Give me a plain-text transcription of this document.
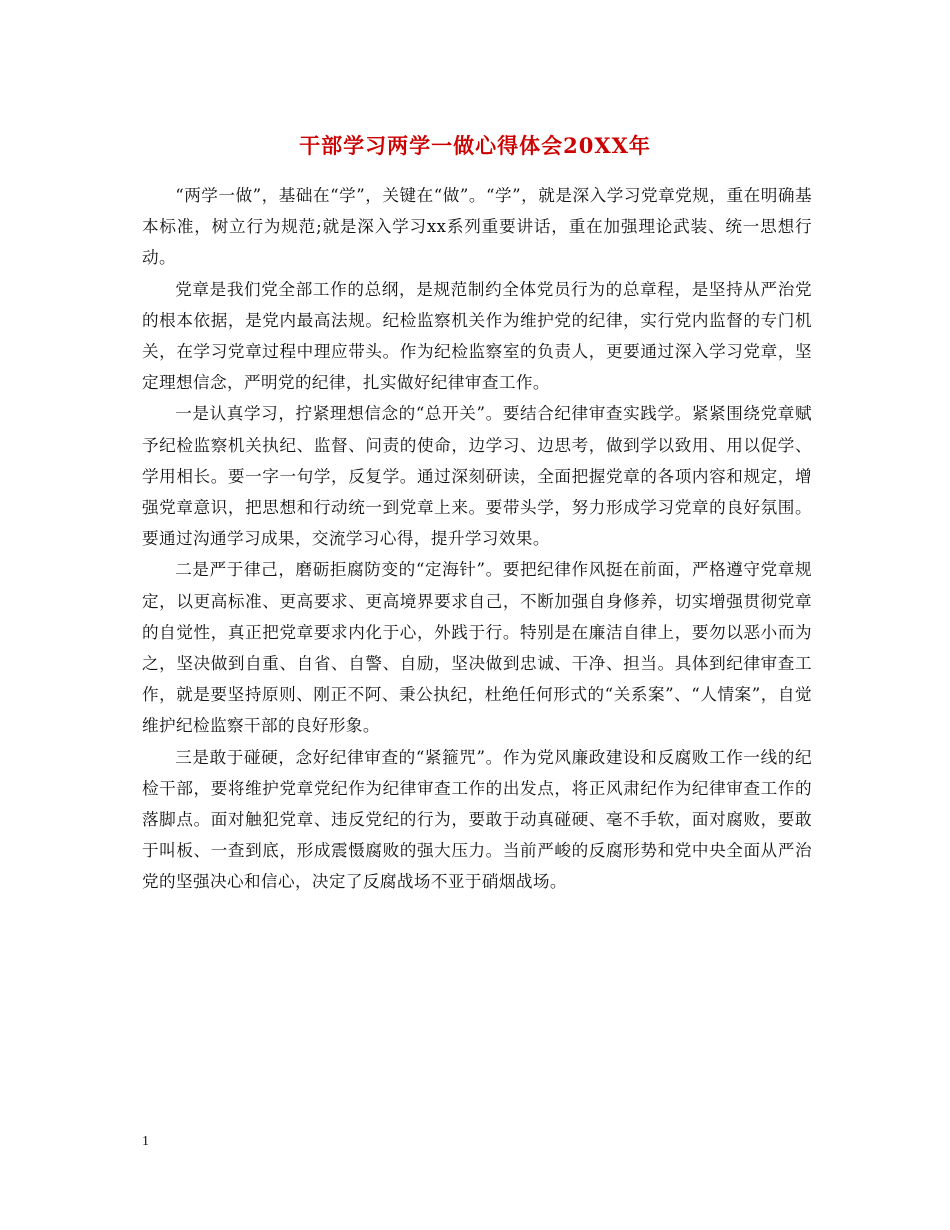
干部学习两学一做心得体会20XX年

“两学一做”，基础在“学”，关键在“做”。“学”，就是深入学习党章党规，重在明确基本标准，树立行为规范;就是深入学习xx系列重要讲话，重在加强理论武装、统一思想行动。

党章是我们党全部工作的总纲，是规范制约全体党员行为的总章程，是坚持从严治党的根本依据，是党内最高法规。纪检监察机关作为维护党的纪律，实行党内监督的专门机关，在学习党章过程中理应带头。作为纪检监察室的负责人，更要通过深入学习党章，坚定理想信念，严明党的纪律，扎实做好纪律审查工作。

一是认真学习，拧紧理想信念的“总开关”。要结合纪律审查实践学。紧紧围绕党章赋予纪检监察机关执纪、监督、问责的使命，边学习、边思考，做到学以致用、用以促学、学用相长。要一字一句学，反复学。通过深刻研读，全面把握党章的各项内容和规定，增强党章意识，把思想和行动统一到党章上来。要带头学，努力形成学习党章的良好氛围。要通过沟通学习成果，交流学习心得，提升学习效果。

二是严于律己，磨砺拒腐防变的“定海针”。要把纪律作风挺在前面，严格遵守党章规定，以更高标准、更高要求、更高境界要求自己，不断加强自身修养，切实增强贯彻党章的自觉性，真正把党章要求内化于心，外践于行。特别是在廉洁自律上，要勿以恶小而为之，坚决做到自重、自省、自警、自励，坚决做到忠诚、干净、担当。具体到纪律审查工作，就是要坚持原则、刚正不阿、秉公执纪，杜绝任何形式的“关系案”、“人情案”，自觉维护纪检监察干部的良好形象。

三是敢于碰硬，念好纪律审查的“紧箍咒”。作为党风廉政建设和反腐败工作一线的纪检干部，要将维护党章党纪作为纪律审查工作的出发点，将正风肃纪作为纪律审查工作的落脚点。面对触犯党章、违反党纪的行为，要敢于动真碰硬、毫不手软，面对腐败，要敢于叫板、一查到底，形成震慑腐败的强大压力。当前严峻的反腐形势和党中央全面从严治党的坚强决心和信心，决定了反腐战场不亚于硝烟战场。

1
